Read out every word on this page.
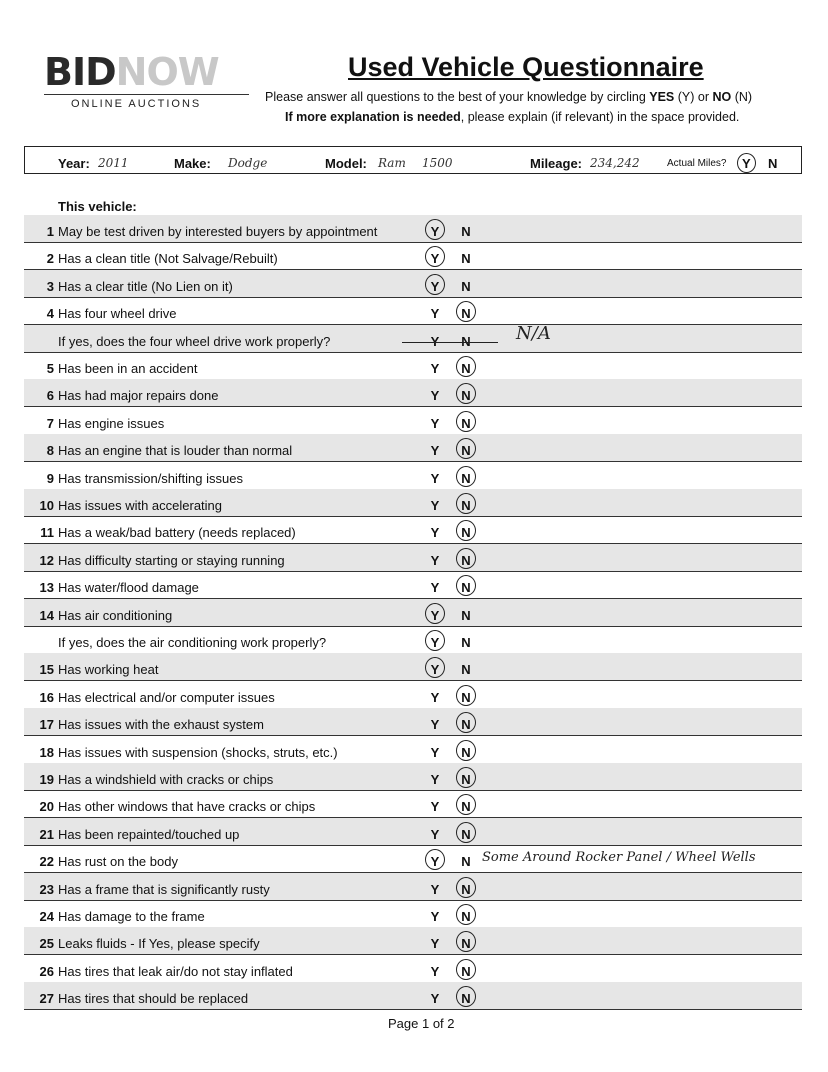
BIDNOW
ONLINE AUCTIONS
Used Vehicle Questionnaire
Please answer all questions to the best of your knowledge by circling YES (Y) or NO (N)
If more explanation is needed, please explain (if relevant) in the space provided.
Year: 2011	Make: Dodge	Model: Ram 1500	Mileage: 234,242	Actual Miles? Y N
This vehicle:
1 May be test driven by interested buyers by appointment	Y N
2 Has a clean title (Not Salvage/Rebuilt)	Y N
3 Has a clear title (No Lien on it)	Y N
4 Has four wheel drive	Y N
If yes, does the four wheel drive work properly?	N/A
5 Has been in an accident	Y N
6 Has had major repairs done	Y N
7 Has engine issues	Y N
8 Has an engine that is louder than normal	Y N
9 Has transmission/shifting issues	Y N
10 Has issues with accelerating	Y N
11 Has a weak/bad battery (needs replaced)	Y N
12 Has difficulty starting or staying running	Y N
13 Has water/flood damage	Y N
14 Has air conditioning	Y N
If yes, does the air conditioning work properly?	Y N
15 Has working heat	Y N
16 Has electrical and/or computer issues	Y N
17 Has issues with the exhaust system	Y N
18 Has issues with suspension (shocks, struts, etc.)	Y N
19 Has a windshield with cracks or chips	Y N
20 Has other windows that have cracks or chips	Y N
21 Has been repainted/touched up	Y N
22 Has rust on the body	Y N Some Around Rocker Panel / Wheel Wells
23 Has a frame that is significantly rusty	Y N
24 Has damage to the frame	Y N
25 Leaks fluids - If Yes, please specify	Y N
26 Has tires that leak air/do not stay inflated	Y N
27 Has tires that should be replaced	Y N
Page 1 of 2
